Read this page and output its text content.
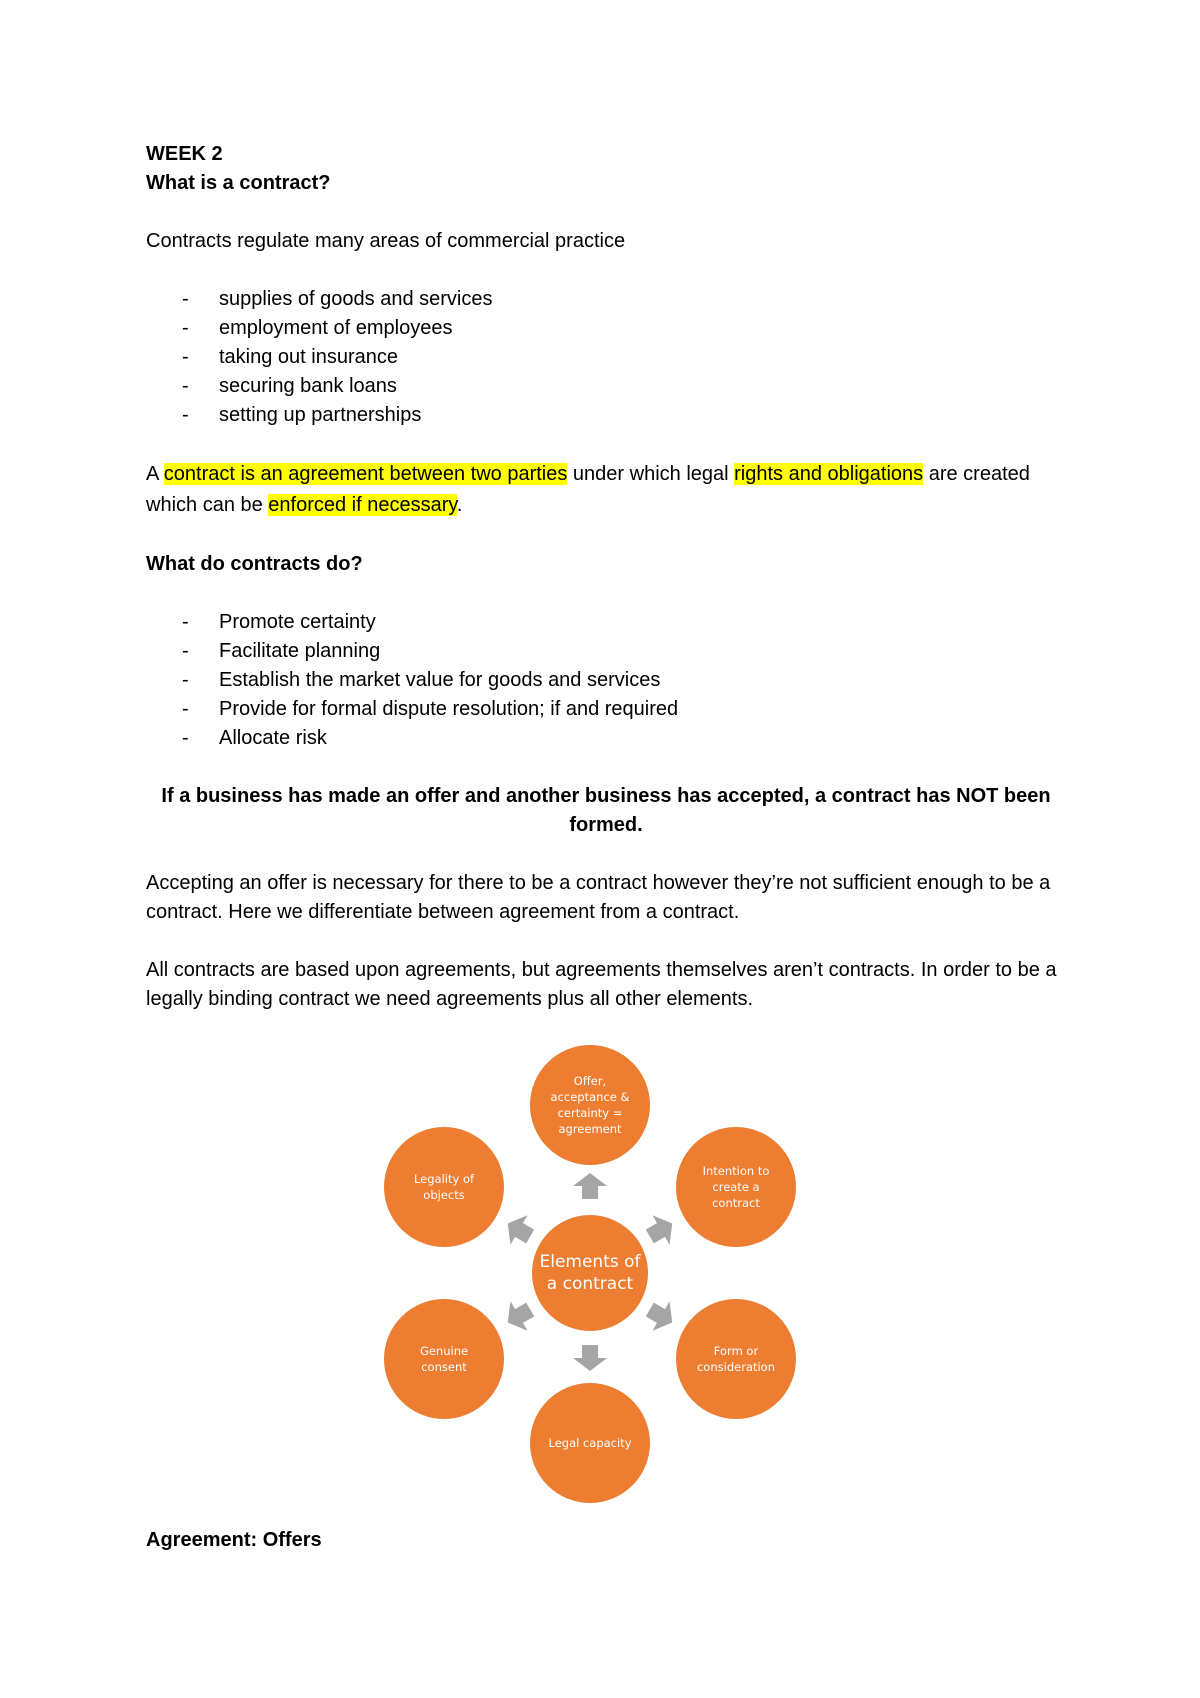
WEEK 2

What is a contract?

Contracts regulate many areas of commercial practice

- supplies of goods and services
- employment of employees
- taking out insurance
- securing bank loans
- setting up partnerships

A contract is an agreement between two parties under which legal rights and obligations are created which can be enforced if necessary.

What do contracts do?

- Promote certainty
- Facilitate planning
- Establish the market value for goods and services
- Provide for formal dispute resolution; if and required
- Allocate risk

If a business has made an offer and another business has accepted, a contract has NOT been formed.

Accepting an offer is necessary for there to be a contract however they’re not sufficient enough to be a contract. Here we differentiate between agreement from a contract.

All contracts are based upon agreements, but agreements themselves aren’t contracts. In order to be a legally binding contract we need agreements plus all other elements.

Elements of a contract
Offer, acceptance & certainty = agreement
Intention to create a contract
Form or consideration
Legal capacity
Genuine consent
Legality of objects
Agreement: Offers
